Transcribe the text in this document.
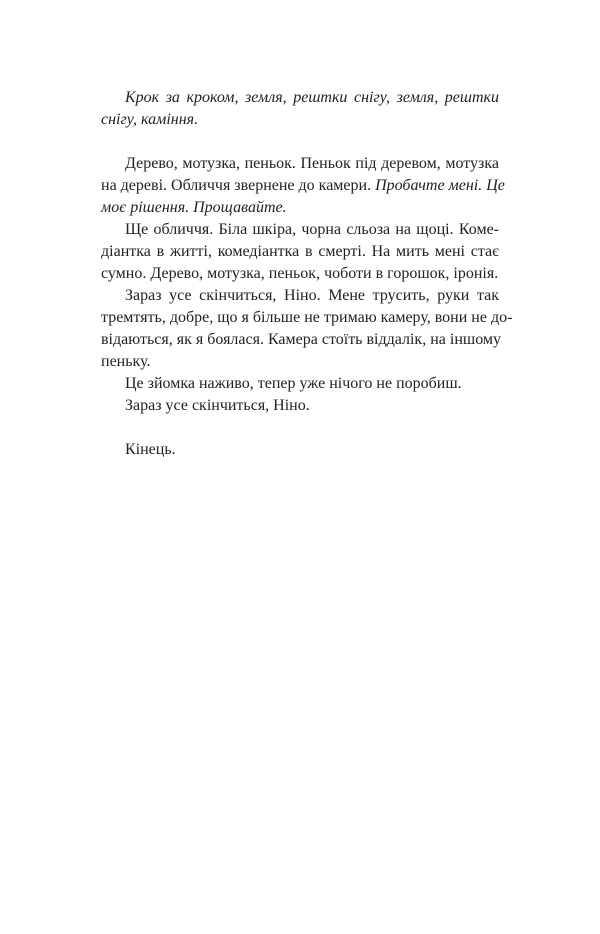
Крок за кроком, земля, рештки снігу, земля, рештки
снігу, каміння.
Дерево, мотузка, пеньок. Пеньок під деревом, мотузка
на дереві. Обличчя звернене до камери. Пробачте мені. Це
моє рішення. Прощавайте.
Ще обличчя. Біла шкіра, чорна сльоза на щоці. Коме-
діантка в житті, комедіантка в смерті. На мить мені стає
сумно. Дерево, мотузка, пеньок, чоботи в горошок, іронія.
Зараз усе скінчиться, Ніно. Мене трусить, руки так
тремтять, добре, що я більше не тримаю камеру, вони не до-
відаються, як я боялася. Камера стоїть віддалік, на іншому
пеньку.
Це зйомка наживо, тепер уже нічого не поробиш.
Зараз усе скінчиться, Ніно.
Кінець.
